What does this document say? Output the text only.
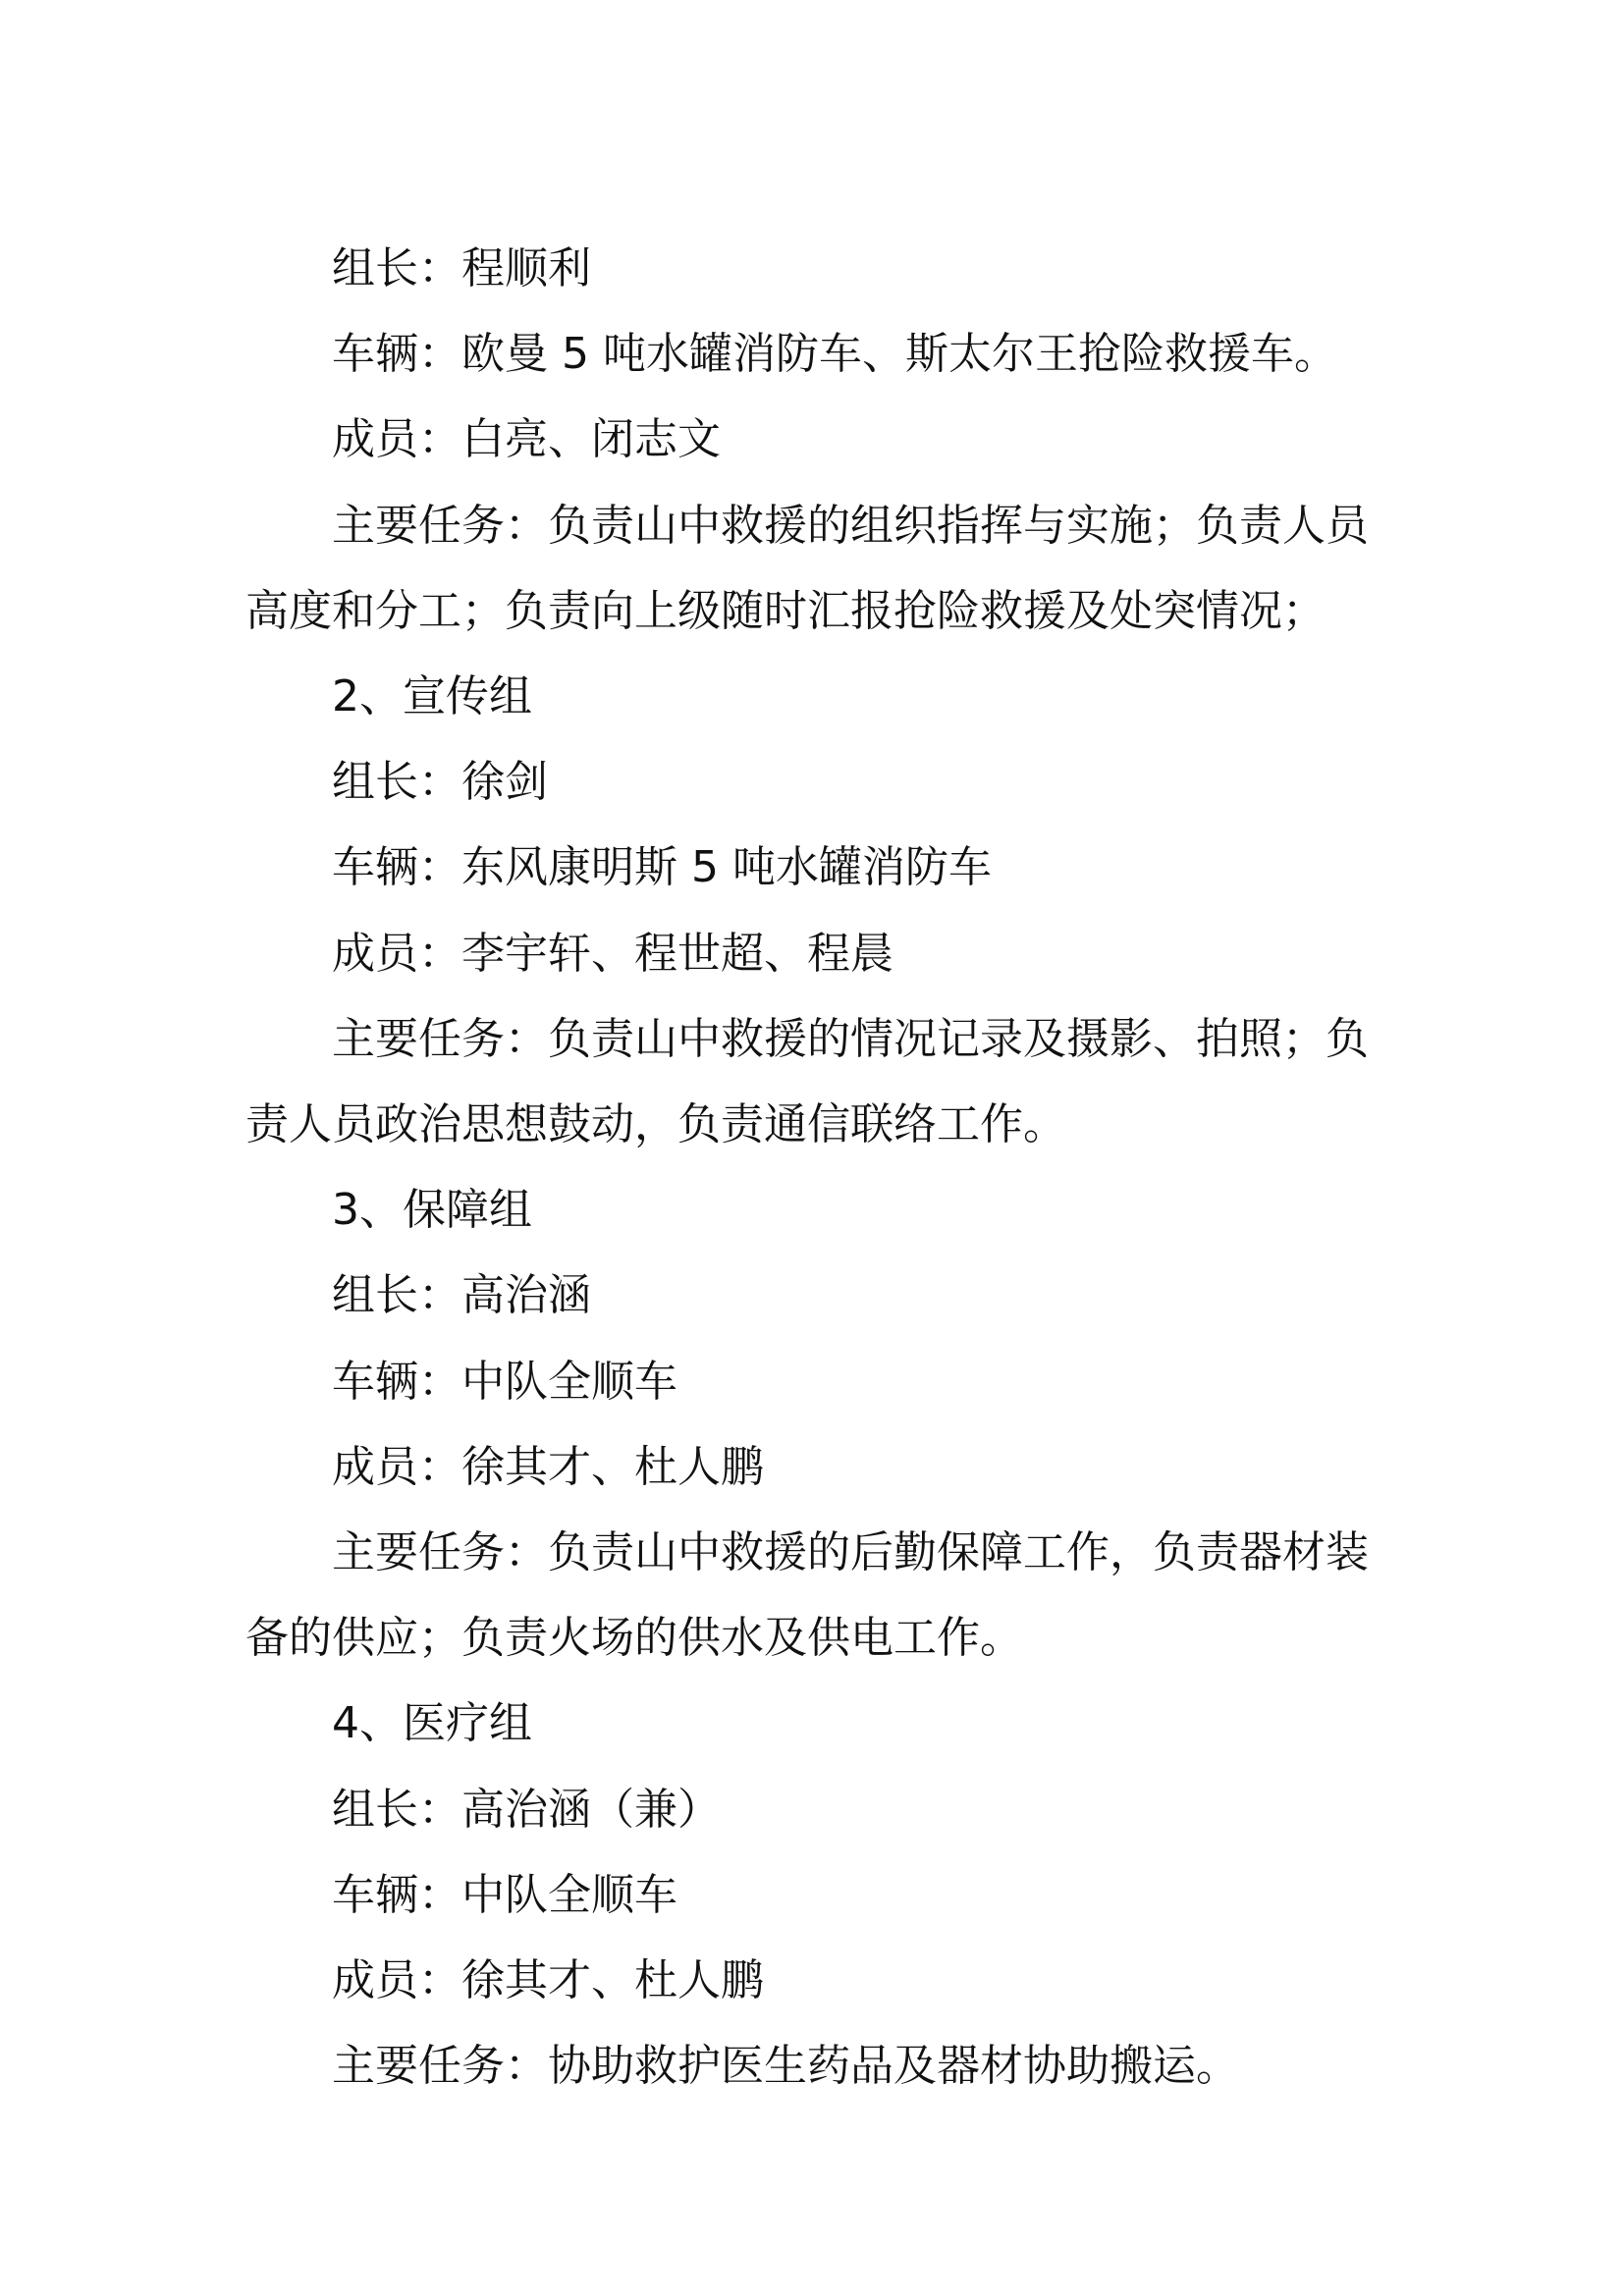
组长：程顺利

车辆：欧曼 5 吨水罐消防车、斯太尔王抢险救援车。

成员：白亮、闭志文

主要任务：负责山中救援的组织指挥与实施；负责人员高度和分工；负责向上级随时汇报抢险救援及处突情况；

2、宣传组

组长：徐剑

车辆：东风康明斯 5 吨水罐消防车

成员：李宇轩、程世超、程晨

主要任务：负责山中救援的情况记录及摄影、拍照；负责人员政治思想鼓动，负责通信联络工作。

3、保障组

组长：高治涵

车辆：中队全顺车

成员：徐其才、杜人鹏

主要任务：负责山中救援的后勤保障工作，负责器材装备的供应；负责火场的供水及供电工作。

4、医疗组

组长：高治涵（兼）

车辆：中队全顺车

成员：徐其才、杜人鹏

主要任务：协助救护医生药品及器材协助搬运。
